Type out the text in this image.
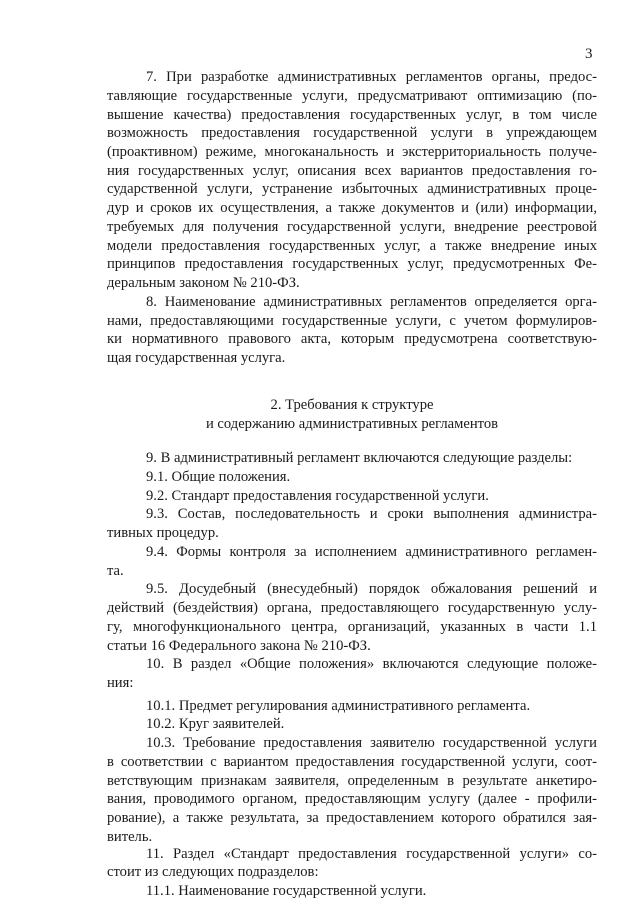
3
7. При разработке административных регламентов органы, предос-
тавляющие государственные услуги, предусматривают оптимизацию (по-
вышение качества) предоставления государственных услуг, в том числе
возможность предоставления государственной услуги в упреждающем
(проактивном) режиме, многоканальность и экстерриториальность получе-
ния государственных услуг, описания всех вариантов предоставления го-
сударственной услуги, устранение избыточных административных проце-
дур и сроков их осуществления, а также документов и (или) информации,
требуемых для получения государственной услуги, внедрение реестровой
модели предоставления государственных услуг, а также внедрение иных
принципов предоставления государственных услуг, предусмотренных Фе-
деральным законом № 210-ФЗ.
8. Наименование административных регламентов определяется орга-
нами, предоставляющими государственные услуги, с учетом формулиров-
ки нормативного правового акта, которым предусмотрена соответствую-
щая государственная услуга.
2. Требования к структуре
и содержанию административных регламентов
9. В административный регламент включаются следующие разделы:
9.1. Общие положения.
9.2. Стандарт предоставления государственной услуги.
9.3. Состав, последовательность и сроки выполнения администра-
тивных процедур.
9.4. Формы контроля за исполнением административного регламен-
та.
9.5. Досудебный (внесудебный) порядок обжалования решений и
действий (бездействия) органа, предоставляющего государственную услу-
гу, многофункционального центра, организаций, указанных в части 1.1
статьи 16 Федерального закона № 210-ФЗ.
10. В раздел «Общие положения» включаются следующие положе-
ния:
10.1. Предмет регулирования административного регламента.
10.2. Круг заявителей.
10.3. Требование предоставления заявителю государственной услуги
в соответствии с вариантом предоставления государственной услуги, соот-
ветствующим признакам заявителя, определенным в результате анкетиро-
вания, проводимого органом, предоставляющим услугу (далее - профили-
рование), а также результата, за предоставлением которого обратился зая-
витель.
11. Раздел «Стандарт предоставления государственной услуги» со-
стоит из следующих подразделов:
11.1. Наименование государственной услуги.
